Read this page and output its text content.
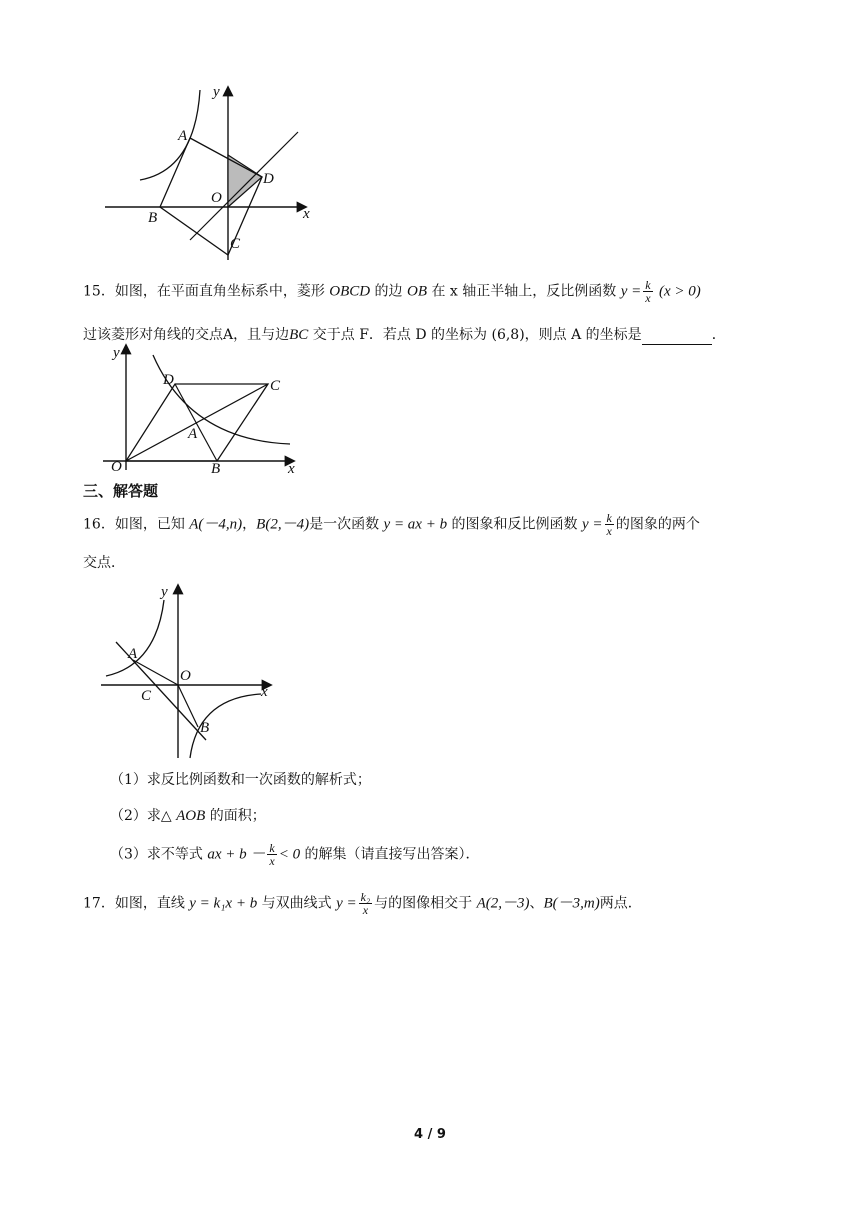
y
A
O
D
B
C
x
15．如图，在平面直角坐标系中，菱形 OBCD 的边 OB 在 x 轴正半轴上，反比例函数 $y = \frac{k}{x} (x > 0)$
过该菱形对角线的交点A，且与边BC 交于点 F．若点 D 的坐标为 (6,8)，则点 A 的坐标是	．
y
D	C
A
O	B	x
三、解答题
16．如图，已知 A(－4,n)，B(2,－4)是一次函数 y = ax + b 的图象和反比例函数 $y = \frac{k}{x}$ 的图象的两个
交点．
y
A
O
C	x
B
（1）求反比例函数和一次函数的解析式；
（2）求△ AOB 的面积；
（3）求不等式 ax + $b - \frac{k}{x} < 0$ 的解集（请直接写出答案）．
17．如图，直线 y = k₁x + b 与双曲线式 $y = \frac{\text{k₂}}{x}$ 与的图像相交于 A(2,－3)、B(－3,m)两点．
4 / 9
